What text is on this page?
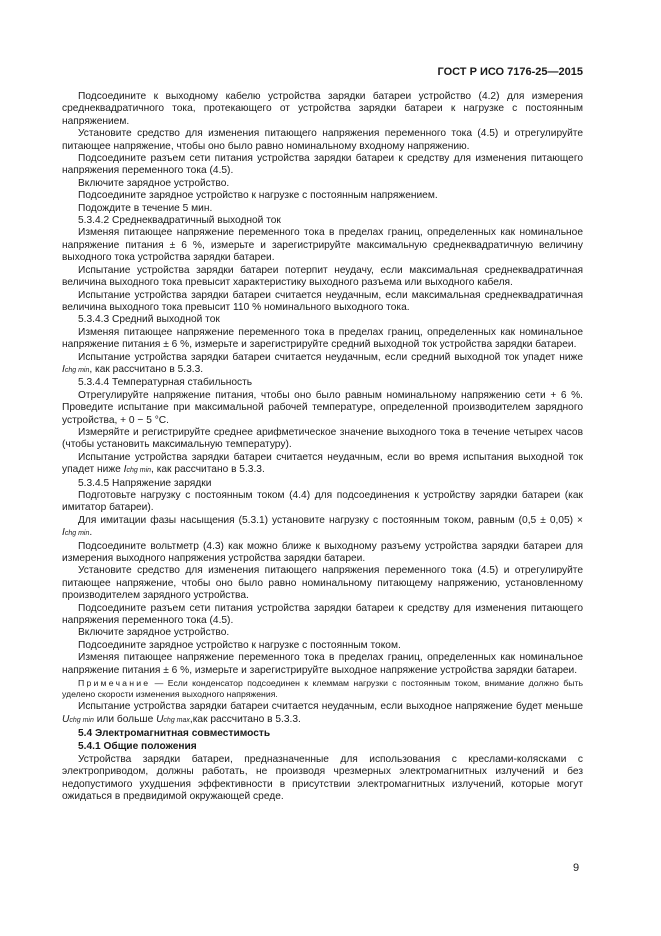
ГОСТ Р ИСО 7176-25—2015

Подсоедините к выходному кабелю устройства зарядки батареи устройство (4.2) для измерения среднеквадратичного тока, протекающего от устройства зарядки батареи к нагрузке с постоянным напряжением.

Установите средство для изменения питающего напряжения переменного тока (4.5) и отрегулируйте питающее напряжение, чтобы оно было равно номинальному входному напряжению.

Подсоедините разъем сети питания устройства зарядки батареи к средству для изменения питающего напряжения переменного тока (4.5).

Включите зарядное устройство.

Подсоедините зарядное устройство к нагрузке с постоянным напряжением.

Подождите в течение 5 мин.

5.3.4.2 Среднеквадратичный выходной ток

Изменяя питающее напряжение переменного тока в пределах границ, определенных как номинальное напряжение питания ± 6 %, измерьте и зарегистрируйте максимальную среднеквадратичную величину выходного тока устройства зарядки батареи.

Испытание устройства зарядки батареи потерпит неудачу, если максимальная среднеквадратичная величина выходного тока превысит характеристику выходного разъема или выходного кабеля.

Испытание устройства зарядки батареи считается неудачным, если максимальная среднеквадратичная величина выходного тока превысит 110 % номинального выходного тока.

5.3.4.3 Средний выходной ток

Изменяя питающее напряжение переменного тока в пределах границ, определенных как номинальное напряжение питания ± 6 %, измерьте и зарегистрируйте средний выходной ток устройства зарядки батареи.

Испытание устройства зарядки батареи считается неудачным, если средний выходной ток упадет ниже Ichg min, как рассчитано в 5.3.3.

5.3.4.4 Температурная стабильность

Отрегулируйте напряжение питания, чтобы оно было равным номинальному напряжению сети + 6 %. Проведите испытание при максимальной рабочей температуре, определенной производителем зарядного устройства, + 0 − 5 °C.

Измеряйте и регистрируйте среднее арифметическое значение выходного тока в течение четырех часов (чтобы установить максимальную температуру).

Испытание устройства зарядки батареи считается неудачным, если во время испытания выходной ток упадет ниже Ichg min, как рассчитано в 5.3.3.

5.3.4.5 Напряжение зарядки

Подготовьте нагрузку с постоянным током (4.4) для подсоединения к устройству зарядки батареи (как имитатор батареи).

Для имитации фазы насыщения (5.3.1) установите нагрузку с постоянным током, равным (0,5 ± 0,05) × Ichg min.

Подсоедините вольтметр (4.3) как можно ближе к выходному разъему устройства зарядки батареи для измерения выходного напряжения устройства зарядки батареи.

Установите средство для изменения питающего напряжения переменного тока (4.5) и отрегулируйте питающее напряжение, чтобы оно было равно номинальному питающему напряжению, установленному производителем зарядного устройства.

Подсоедините разъем сети питания устройства зарядки батареи к средству для изменения питающего напряжения переменного тока (4.5).

Включите зарядное устройство.

Подсоедините зарядное устройство к нагрузке с постоянным током.

Изменяя питающее напряжение переменного тока в пределах границ, определенных как номинальное напряжение питания ± 6 %, измерьте и зарегистрируйте выходное напряжение устройства зарядки батареи.

Примечание — Если конденсатор подсоединен к клеммам нагрузки с постоянным током, внимание должно быть уделено скорости изменения выходного напряжения.

Испытание устройства зарядки батареи считается неудачным, если выходное напряжение будет меньше Uchg min или больше Uchg max,как рассчитано в 5.3.3.

5.4 Электромагнитная совместимость

5.4.1 Общие положения

Устройства зарядки батареи, предназначенные для использования с креслами-колясками с электроприводом, должны работать, не производя чрезмерных электромагнитных излучений и без недопустимого ухудшения эффективности в присутствии электромагнитных излучений, которые могут ожидаться в предвидимой окружающей среде.

9
